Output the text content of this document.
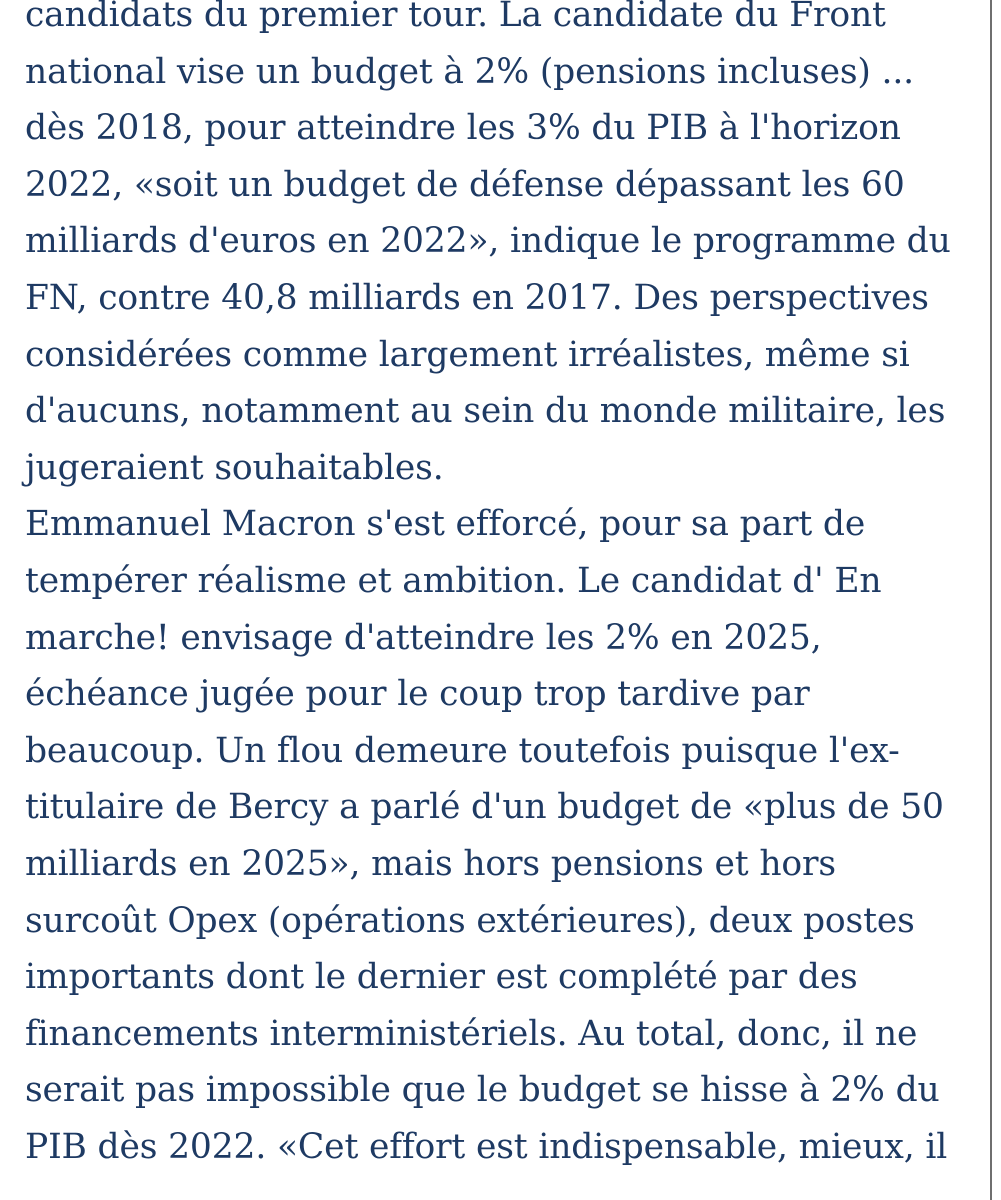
candidats du premier tour. La candidate du Front
national vise un budget à 2% (pensions incluses) ...
dès 2018, pour atteindre les 3% du PIB à l'horizon
2022, «soit un budget de défense dépassant les 60
milliards d'euros en 2022», indique le programme du
FN, contre 40,8 milliards en 2017. Des perspectives
considérées comme largement irréalistes, même si
d'aucuns, notamment au sein du monde militaire, les
jugeraient souhaitables.
Emmanuel Macron s'est efforcé, pour sa part de
tempérer réalisme et ambition. Le candidat d' En
marche! envisage d'atteindre les 2% en 2025,
échéance jugée pour le coup trop tardive par
beaucoup. Un flou demeure toutefois puisque l'ex-
titulaire de Bercy a parlé d'un budget de «plus de 50
milliards en 2025», mais hors pensions et hors
surcoût Opex (opérations extérieures), deux postes
importants dont le dernier est complété par des
financements interministériels. Au total, donc, il ne
serait pas impossible que le budget se hisse à 2% du
PIB dès 2022. «Cet effort est indispensable, mieux, il
